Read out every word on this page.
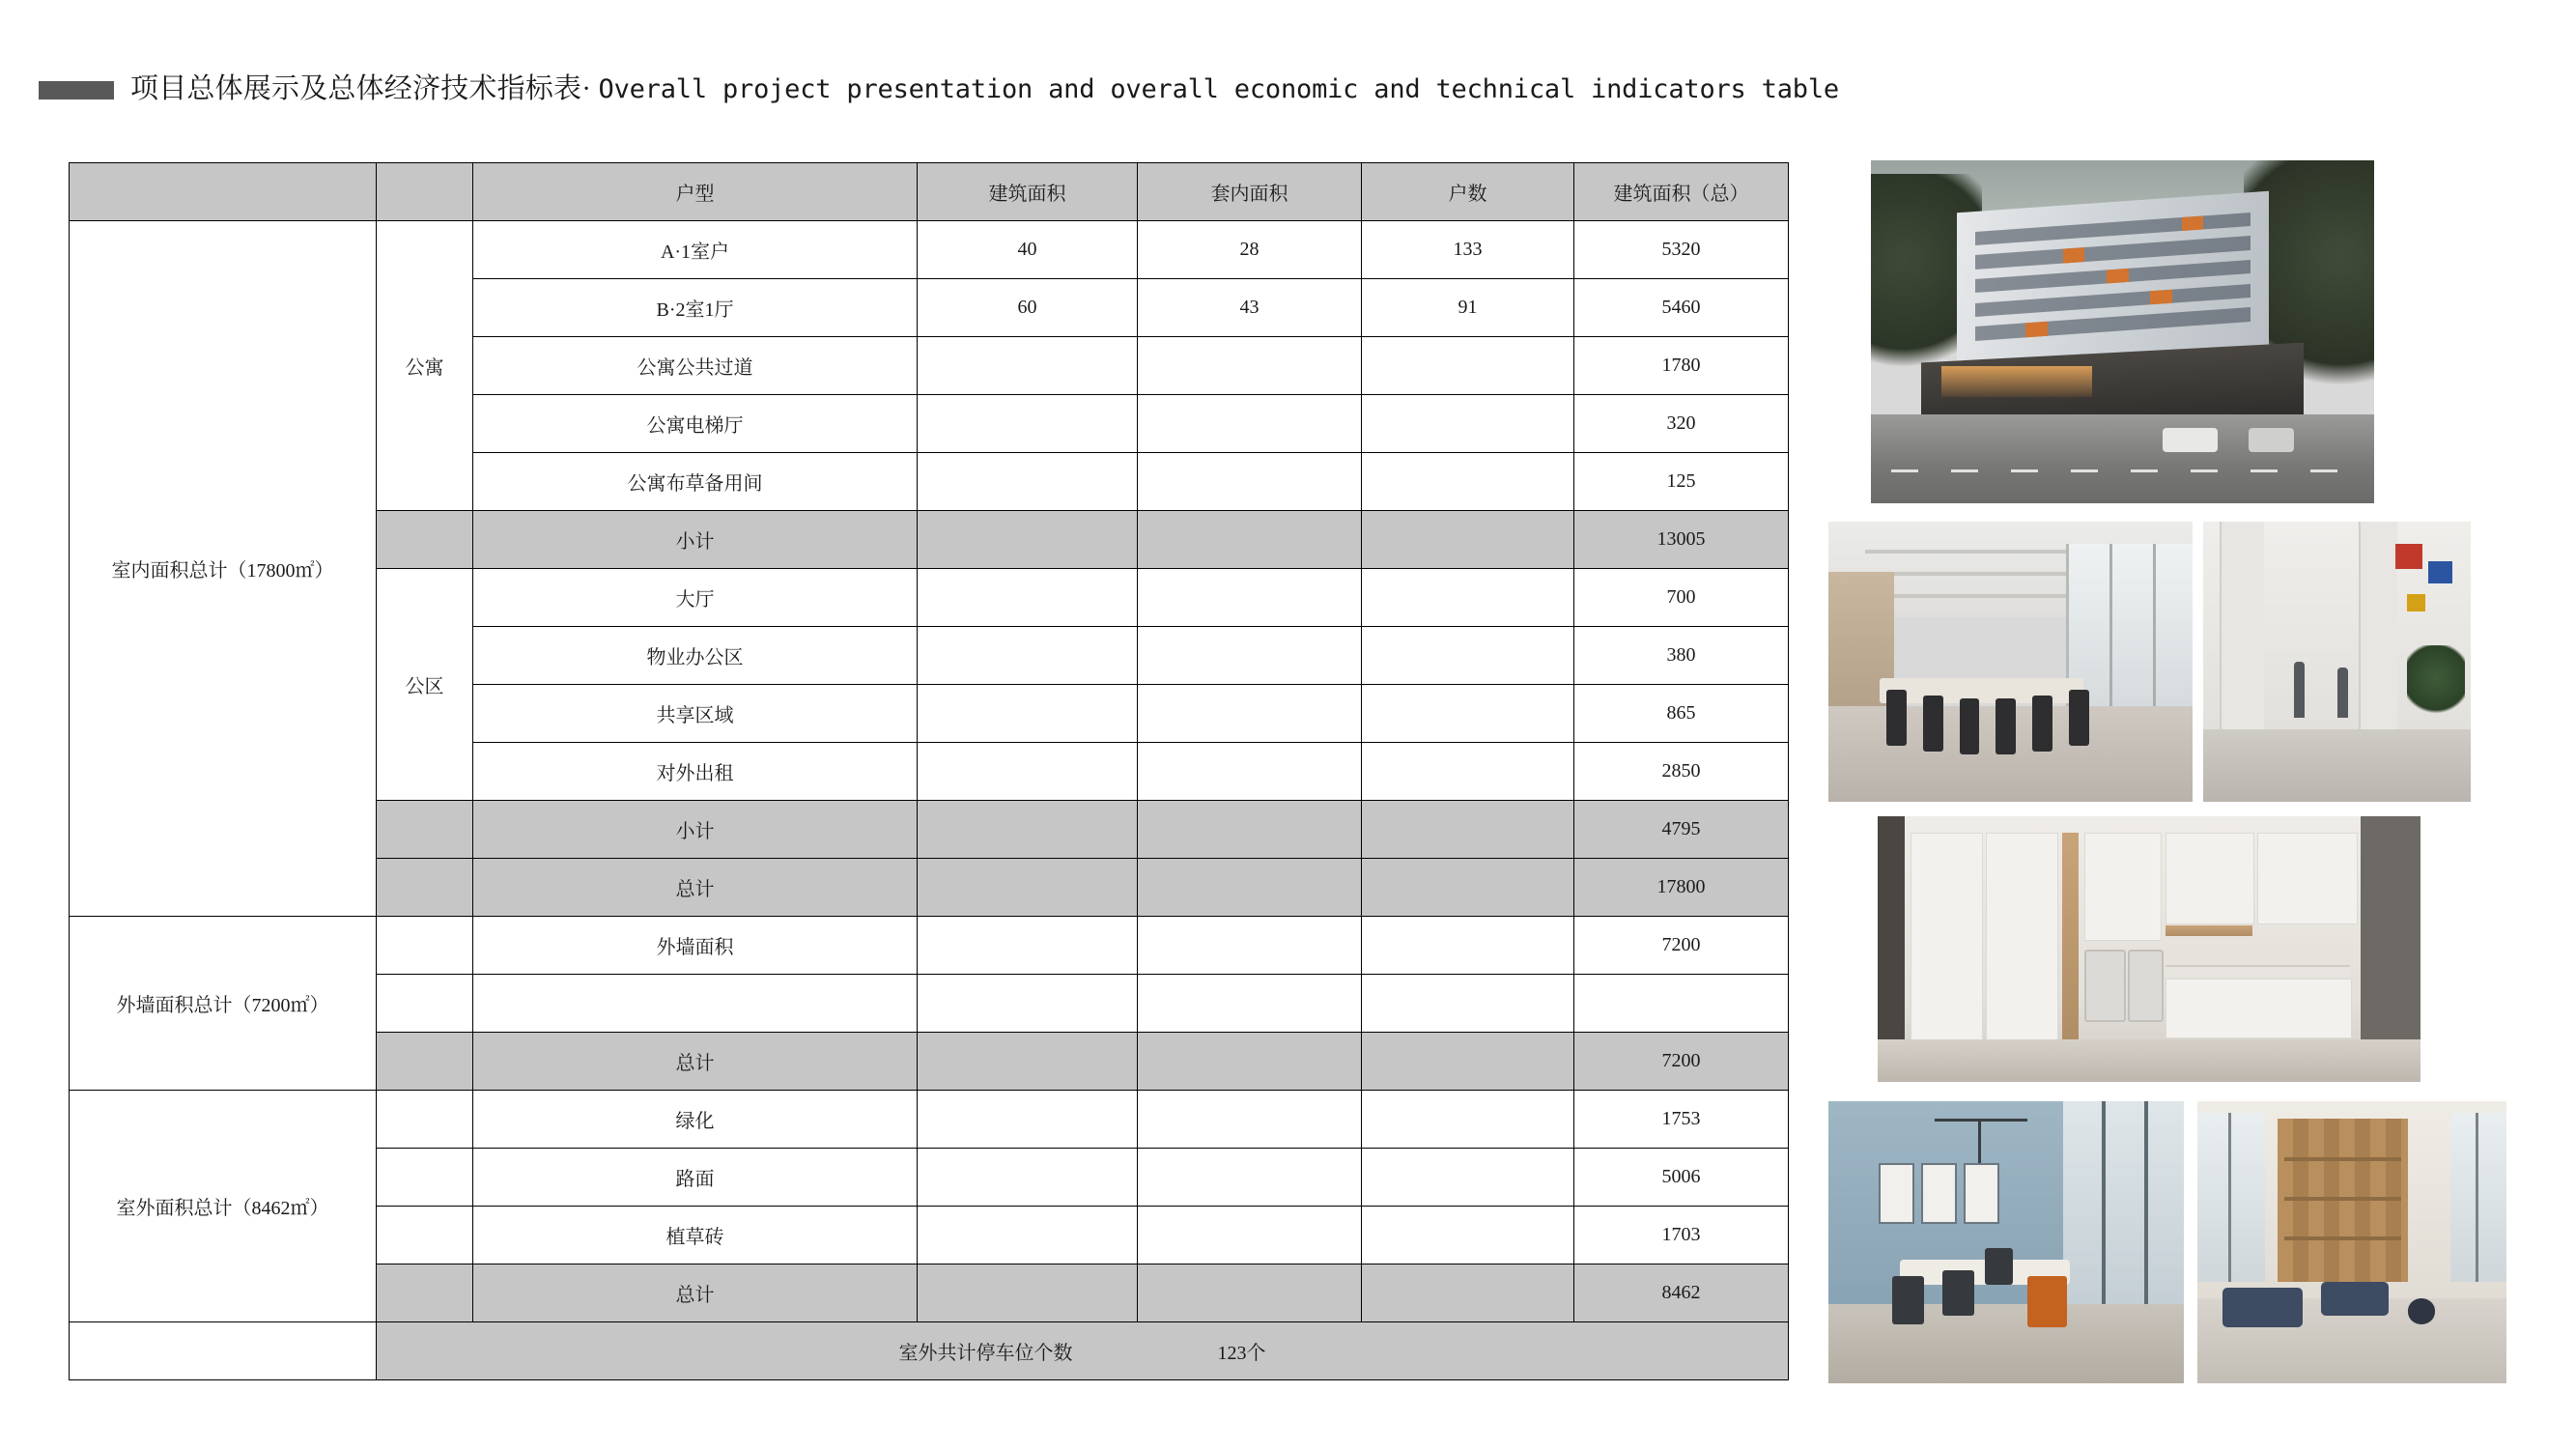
项目总体展示及总体经济技术指标表· Overall project presentation and overall economic and technical indicators table
		户型	建筑面积	套内面积	户数	建筑面积（总）
室内面积总计（17800㎡）	公寓	A·1室户	40	28	133	5320
		B·2室1厅	60	43	91	5460
		公寓公共过道				1780
		公寓电梯厅				320
		公寓布草备用间				125
		小计				13005
	公区	大厅				700
		物业办公区				380
		共享区域				865
		对外出租				2850
		小计				4795
		总计				17800
外墙面积总计（7200㎡）		外墙面积				7200

		总计				7200
室外面积总计（8462㎡）		绿化				1753
		路面				5006
		植草砖				1703
		总计				8462

	室外共计停车位个数 123个					
